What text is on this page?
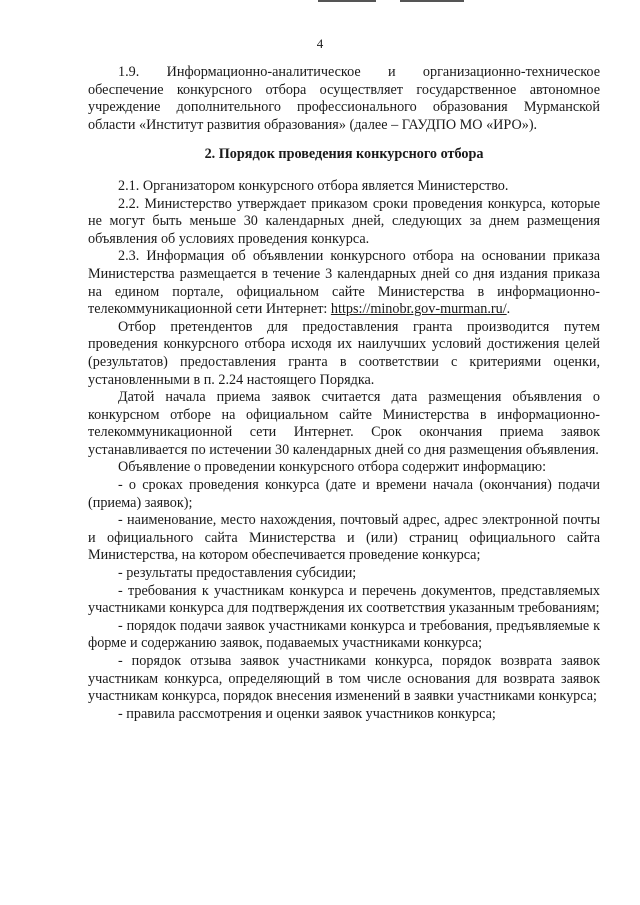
4

1.9. Информационно-аналитическое и организационно-техническое обеспечение конкурсного отбора осуществляет государственное автономное учреждение дополнительного профессионального образования Мурманской области «Институт развития образования» (далее – ГАУДПО МО «ИРО»).

2. Порядок проведения конкурсного отбора

2.1. Организатором конкурсного отбора является Министерство.

2.2. Министерство утверждает приказом сроки проведения конкурса, которые не могут быть меньше 30 календарных дней, следующих за днем размещения объявления об условиях проведения конкурса.

2.3. Информация об объявлении конкурсного отбора на основании приказа Министерства размещается в течение 3 календарных дней со дня издания приказа на едином портале, официальном сайте Министерства в информационно-телекоммуникационной сети Интернет: https://minobr.gov-murman.ru/.

Отбор претендентов для предоставления гранта производится путем проведения конкурсного отбора исходя их наилучших условий достижения целей (результатов) предоставления гранта в соответствии с критериями оценки, установленными в п. 2.24 настоящего Порядка.

Датой начала приема заявок считается дата размещения объявления о конкурсном отборе на официальном сайте Министерства в информационно-телекоммуникационной сети Интернет. Срок окончания приема заявок устанавливается по истечении 30 календарных дней со дня размещения объявления.

Объявление о проведении конкурсного отбора содержит информацию:

- о сроках проведения конкурса (дате и времени начала (окончания) подачи (приема) заявок);

- наименование, место нахождения, почтовый адрес, адрес электронной почты и официального сайта Министерства и (или) страниц официального сайта Министерства, на котором обеспечивается проведение конкурса;

- результаты предоставления субсидии;

- требования к участникам конкурса и перечень документов, представляемых участниками конкурса для подтверждения их соответствия указанным требованиям;

- порядок подачи заявок участниками конкурса и требования, предъявляемые к форме и содержанию заявок, подаваемых участниками конкурса;

- порядок отзыва заявок участниками конкурса, порядок возврата заявок участникам конкурса, определяющий в том числе основания для возврата заявок участникам конкурса, порядок внесения изменений в заявки участниками конкурса;

- правила рассмотрения и оценки заявок участников конкурса;
